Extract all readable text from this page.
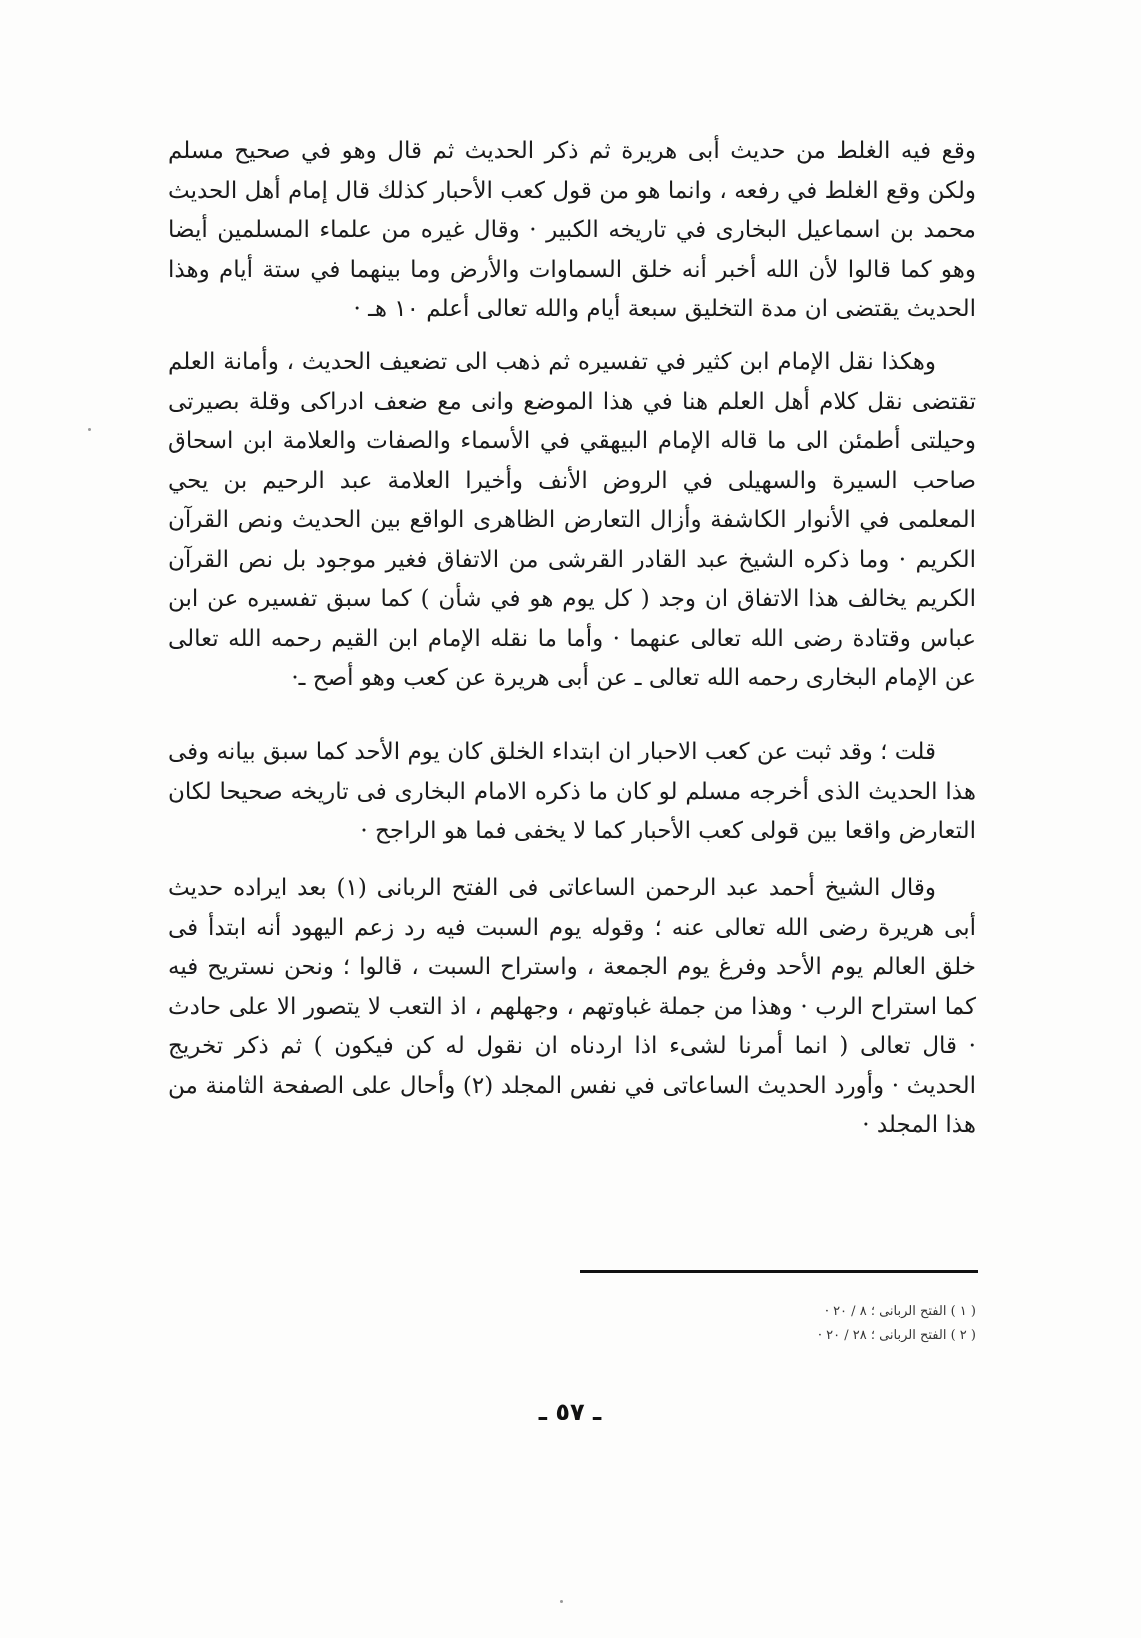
وقع فيه الغلط من حديث أبى هريرة ثم ذكر الحديث ثم قال وهو في صحيح مسلم ولكن وقع الغلط في رفعه ، وانما هو من قول كعب الأحبار كذلك قال إمام أهل الحديث محمد بن اسماعيل البخارى في تاريخه الكبير · وقال غيره من علماء المسلمين أيضا وهو كما قالوا لأن الله أخبر أنه خلق السماوات والأرض وما بينهما في ستة أيام وهذا الحديث يقتضى ان مدة التخليق سبعة أيام والله تعالى أعلم ١٠ هـ ·

وهكذا نقل الإمام ابن كثير في تفسيره ثم ذهب الى تضعيف الحديث ، وأمانة العلم تقتضى نقل كلام أهل العلم هنا في هذا الموضع وانى مع ضعف ادراكى وقلة بصيرتى وحيلتى أطمئن الى ما قاله الإمام البيهقي في الأسماء والصفات والعلامة ابن اسحاق صاحب السيرة والسهيلى في الروض الأنف وأخيرا العلامة عبد الرحيم بن يحي المعلمى في الأنوار الكاشفة وأزال التعارض الظاهرى الواقع بين الحديث ونص القرآن الكريم · وما ذكره الشيخ عبد القادر القرشى من الاتفاق فغير موجود بل نص القرآن الكريم يخالف هذا الاتفاق ان وجد ( كل يوم هو في شأن ) كما سبق تفسيره عن ابن عباس وقتادة رضى الله تعالى عنهما · وأما ما نقله الإمام ابن القيم رحمه الله تعالى عن الإمام البخارى رحمه الله تعالى ـ عن أبى هريرة عن كعب وهو أصح ـ·

قلت ؛ وقد ثبت عن كعب الاحبار ان ابتداء الخلق كان يوم الأحد كما سبق بيانه وفى هذا الحديث الذى أخرجه مسلم لو كان ما ذكره الامام البخارى فى تاريخه صحيحا لكان التعارض واقعا بين قولى كعب الأحبار كما لا يخفى فما هو الراجح ·

وقال الشيخ أحمد عبد الرحمن الساعاتى فى الفتح الربانى (١) بعد ايراده حديث أبى هريرة رضى الله تعالى عنه ؛ وقوله يوم السبت فيه رد زعم اليهود أنه ابتدأ فى خلق العالم يوم الأحد وفرغ يوم الجمعة ، واستراح السبت ، قالوا ؛ ونحن نستريح فيه كما استراح الرب · وهذا من جملة غباوتهم ، وجهلهم ، اذ التعب لا يتصور الا على حادث · قال تعالى ( انما أمرنا لشىء اذا اردناه ان نقول له كن فيكون ) ثم ذكر تخريج الحديث · وأورد الحديث الساعاتى في نفس المجلد (٢) وأحال على الصفحة الثامنة من هذا المجلد ·

( ١ ) الفتح الربانى ؛ ٨ / ٢٠ ·

( ٢ ) الفتح الربانى ؛ ٢٨ / ٢٠ ·

ـ ٥٧ ـ
